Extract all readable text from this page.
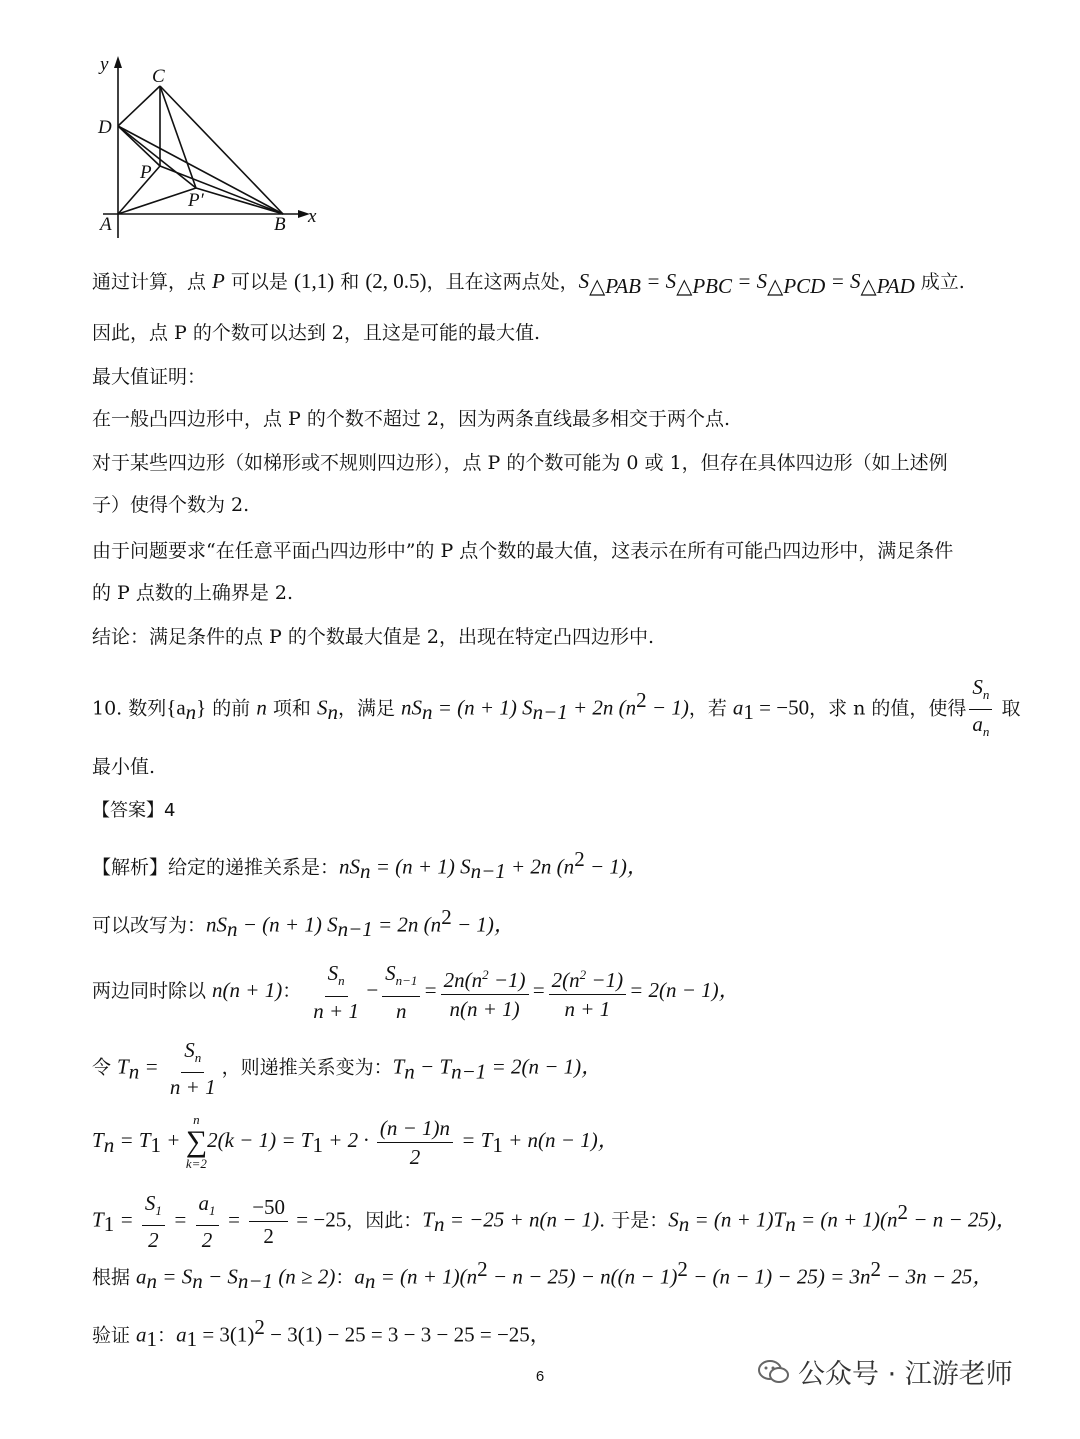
y
x
C
D
P
P′
A	B
通过计算，点 P 可以是 (1,1) 和 (2, 0.5)，且在这两点处，$S_{\triangle PAB} = S_{\triangle PBC} = S_{\triangle PCD} = S_{\triangle PAD}$ 成立.
因此，点 P 的个数可以达到 2，且这是可能的最大值.
最大值证明：
在一般凸四边形中，点 P 的个数不超过 2，因为两条直线最多相交于两个点.
对于某些四边形（如梯形或不规则四边形），点 P 的个数可能为 0 或 1，但存在具体四边形（如上述例
子）使得个数为 2.
由于问题要求“在任意平面凸四边形中”的 P 点个数的最大值，这表示在所有可能凸四边形中，满足条件
的 P 点数的上确界是 2.
结论：满足条件的点 P 的个数最大值是 2，出现在特定凸四边形中.
10. 数列$\{a_n\}$ 的前 n 项和 $S_n$，满足 $nS_n = (n + 1) S_{n-1} + 2n$ $(n^2 - 1)$，若 $a_1 = -50$，求 n 的值，使得 $\frac{S_n}{a_n}$ 取
最小值.
【答案】4
【解析】给定的递推关系是：$nS_n = (n + 1) S_{n-1} + 2n$ $(n^2 - 1)$，
可以改写为：$nS_n - (n + 1) S_{n-1} = 2n$ $(n^2 - 1)$，
两边同时除以 n(n + 1)： $\frac{S_n}{n + 1} - \frac{S_{n-1}}{n} = \frac{2n(n^2 -1)}{n(n + 1)} = \frac{2(n^2 -1)}{n + 1} = 2(n - 1)$，
令 $T_n = \frac{S_n}{n + 1}$ ，则递推关系变为：$T_n - T_{n-1} = 2(n - 1)$，
$T_n = T_1$ +
n
∑
k=2
$2(k - 1) = T_1 + 2 \cdot \frac{(n - 1)n}{2} = T_1 + n(n - 1)$，
$T_1 = \frac{S_1}{2} = \frac{a_1}{2} = \frac{-50}{2} = -25$，因此：$T_n = -25 + n(n - 1)$. 于是：$S_n = (n + 1)T_n = (n + 1)(n^2 - n - 25)$，
根据 $a_n = S_n - S_{n-1}$ (n ≥ 2)：$a_n = (n + 1)(n^2 - n - 25) - n((n - 1)^2 - (n - 1) - 25) = 3n^2 - 3n - 25$，
验证 $a_1$：$a_1 = 3(1)^2 - 3(1) - 25 = 3 - 3 - 25 = -25$，
公众号 · 江游老师
6
